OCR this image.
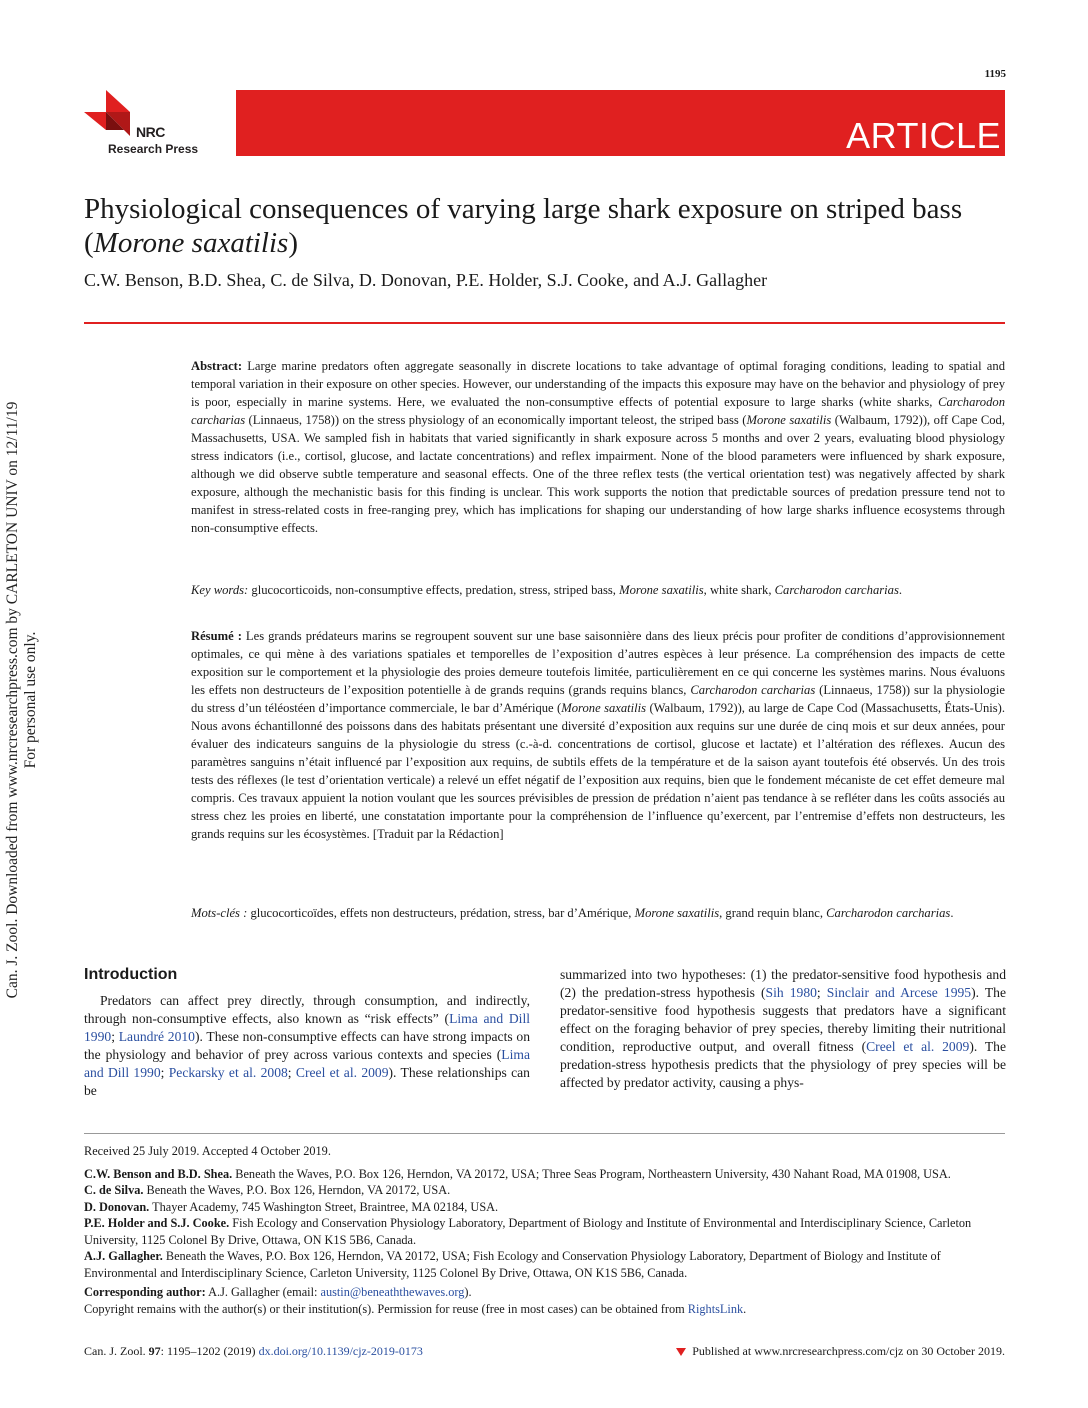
1195
NRC
Research Press	ARTICLE
Physiological consequences of varying large shark exposure on striped bass (Morone saxatilis)
C.W. Benson, B.D. Shea, C. de Silva, D. Donovan, P.E. Holder, S.J. Cooke, and A.J. Gallagher
Can. J. Zool. Downloaded from www.nrcresearchpress.com by CARLETON UNIV on 12/11/19 For personal use only.
Abstract: Large marine predators often aggregate seasonally in discrete locations to take advantage of optimal foraging conditions, leading to spatial and temporal variation in their exposure on other species. However, our understanding of the impacts this exposure may have on the behavior and physiology of prey is poor, especially in marine systems. Here, we evaluated the non-consumptive effects of potential exposure to large sharks (white sharks, Carcharodon carcharias (Linnaeus, 1758)) on the stress physiology of an economically important teleost, the striped bass (Morone saxatilis (Walbaum, 1792)), off Cape Cod, Massachusetts, USA. We sampled fish in habitats that varied significantly in shark exposure across 5 months and over 2 years, evaluating blood physiology stress indicators (i.e., cortisol, glucose, and lactate concentrations) and reflex impairment. None of the blood parameters were influenced by shark exposure, although we did observe subtle temperature and seasonal effects. One of the three reflex tests (the vertical orientation test) was negatively affected by shark exposure, although the mechanistic basis for this finding is unclear. This work supports the notion that predictable sources of predation pressure tend not to manifest in stress-related costs in free-ranging prey, which has implications for shaping our understanding of how large sharks influence ecosystems through non-consumptive effects.
Key words: glucocorticoids, non-consumptive effects, predation, stress, striped bass, Morone saxatilis, white shark, Carcharodon carcharias.
Résumé : Les grands prédateurs marins se regroupent souvent sur une base saisonnière dans des lieux précis pour profiter de conditions d’approvisionnement optimales, ce qui mène à des variations spatiales et temporelles de l’exposition d’autres espèces à leur présence. La compréhension des impacts de cette exposition sur le comportement et la physiologie des proies demeure toutefois limitée, particulièrement en ce qui concerne les systèmes marins. Nous évaluons les effets non destructeurs de l’exposition potentielle à de grands requins (grands requins blancs, Carcharodon carcharias (Linnaeus, 1758)) sur la physiologie du stress d’un téléostéen d’importance commerciale, le bar d’Amérique (Morone saxatilis (Walbaum, 1792)), au large de Cape Cod (Massachusetts, États-Unis). Nous avons échantillonné des poissons dans des habitats présentant une diversité d’exposition aux requins sur une durée de cinq mois et sur deux années, pour évaluer des indicateurs sanguins de la physiologie du stress (c.-à-d. concentrations de cortisol, glucose et lactate) et l’altération des réflexes. Aucun des paramètres sanguins n’était influencé par l’exposition aux requins, de subtils effets de la température et de la saison ayant toutefois été observés. Un des trois tests des réflexes (le test d’orientation verticale) a relevé un effet négatif de l’exposition aux requins, bien que le fondement mécaniste de cet effet demeure mal compris. Ces travaux appuient la notion voulant que les sources prévisibles de pression de prédation n’aient pas tendance à se refléter dans les coûts associés au stress chez les proies en liberté, une constatation importante pour la compréhension de l’influence qu’exercent, par l’entremise d’effets non destructeurs, les grands requins sur les écosystèmes. [Traduit par la Rédaction]
Mots-clés : glucocorticoïdes, effets non destructeurs, prédation, stress, bar d’Amérique, Morone saxatilis, grand requin blanc, Carcharodon carcharias.
Introduction
Predators can affect prey directly, through consumption, and indirectly, through non-consumptive effects, also known as “risk effects” (Lima and Dill 1990; Laundré 2010). These non-consumptive effects can have strong impacts on the physiology and behavior of prey across various contexts and species (Lima and Dill 1990; Peckarsky et al. 2008; Creel et al. 2009). These relationships can be
summarized into two hypotheses: (1) the predator-sensitive food hypothesis and (2) the predation-stress hypothesis (Sih 1980; Sinclair and Arcese 1995). The predator-sensitive food hypothesis suggests that predators have a significant effect on the foraging behavior of prey species, thereby limiting their nutritional condition, reproductive output, and overall fitness (Creel et al. 2009). The predation-stress hypothesis predicts that the physiology of prey species will be affected by predator activity, causing a phys-

Received 25 July 2019. Accepted 4 October 2019.

C.W. Benson and B.D. Shea. Beneath the Waves, P.O. Box 126, Herndon, VA 20172, USA; Three Seas Program, Northeastern University, 430 Nahant Road, MA 01908, USA.

C. de Silva. Beneath the Waves, P.O. Box 126, Herndon, VA 20172, USA.

D. Donovan. Thayer Academy, 745 Washington Street, Braintree, MA 02184, USA.

P.E. Holder and S.J. Cooke. Fish Ecology and Conservation Physiology Laboratory, Department of Biology and Institute of Environmental and Interdisciplinary Science, Carleton University, 1125 Colonel By Drive, Ottawa, ON K1S 5B6, Canada.

A.J. Gallagher. Beneath the Waves, P.O. Box 126, Herndon, VA 20172, USA; Fish Ecology and Conservation Physiology Laboratory, Department of Biology and Institute of Environmental and Interdisciplinary Science, Carleton University, 1125 Colonel By Drive, Ottawa, ON K1S 5B6, Canada.

Corresponding author: A.J. Gallagher (email: austin@beneaththewaves.org).

Copyright remains with the author(s) or their institution(s). Permission for reuse (free in most cases) can be obtained from RightsLink.

Can. J. Zool. 97: 1195–1202 (2019) dx.doi.org/10.1139/cjz-2019-0173	Published at www.nrcresearchpress.com/cjz on 30 October 2019.
